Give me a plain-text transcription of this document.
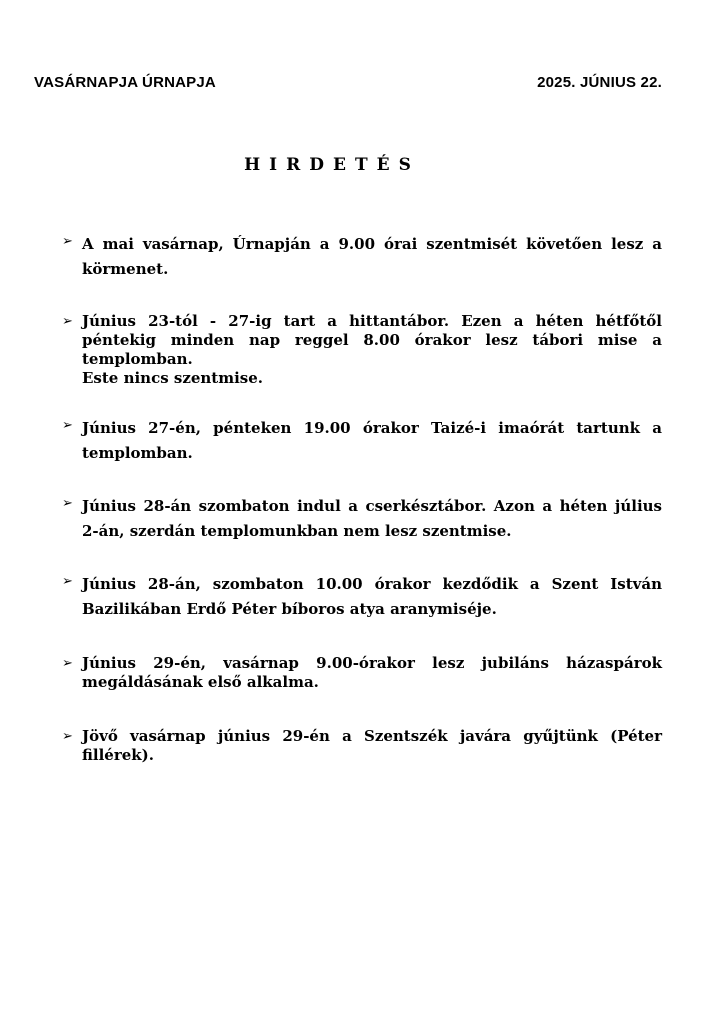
VASÁRNAPJA ÚRNAPJA	2025. JÚNIUS 22.
HIRDETÉS
➢ A mai vasárnap, Úrnapján a 9.00 órai szentmisét követően lesz a körmenet.
➢ Június 23-tól - 27-ig tart a hittantábor. Ezen a héten hétfőtől péntekig minden nap reggel 8.00 órakor lesz tábori mise a templomban.
Este nincs szentmise.
➢ Június 27-én, pénteken 19.00 órakor Taizé-i imaórát tartunk a templomban.
➢ Június 28-án szombaton indul a cserkésztábor. Azon a héten július 2-án, szerdán templomunkban nem lesz szentmise.
➢ Június 28-án, szombaton 10.00 órakor kezdődik a Szent István Bazilikában Erdő Péter bíboros atya aranymiséje.
➢ Június 29-én, vasárnap 9.00-órakor lesz jubiláns házaspárok megáldásának első alkalma.
➢ Jövő vasárnap június 29-én a Szentszék javára gyűjtünk (Péter fillérek).
